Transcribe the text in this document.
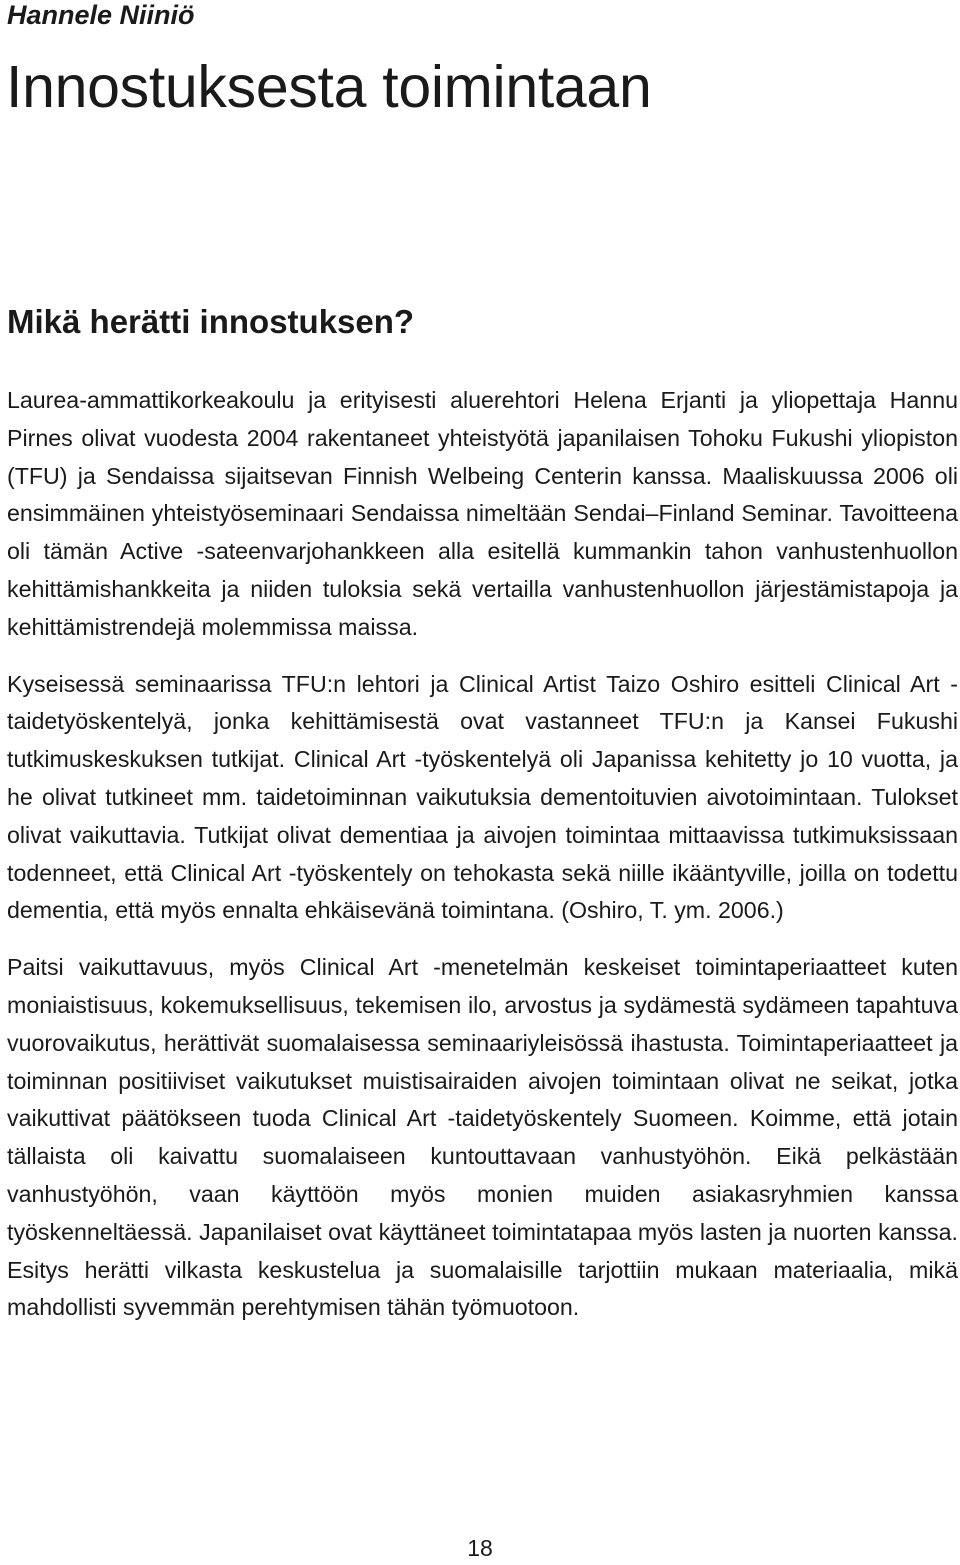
Hannele Niiniö

Innostuksesta toimintaan
Mikä herätti innostuksen?

Laurea-ammattikorkeakoulu ja erityisesti aluerehtori Helena Erjanti ja yliopettaja Hannu Pirnes olivat vuodesta 2004 rakentaneet yhteistyötä japanilaisen Tohoku Fukushi yliopiston (TFU) ja Sendaissa sijaitsevan Finnish Welbeing Centerin kanssa. Maaliskuussa 2006 oli ensimmäinen yhteistyöseminaari Sendaissa nimeltään Sendai–Finland Seminar. Tavoitteena oli tämän Active -sateenvarjohankkeen alla esitellä kummankin tahon vanhustenhuollon kehittämishankkeita ja niiden tuloksia sekä vertailla vanhustenhuollon järjestämistapoja ja kehittämistrendejä molemmissa maissa.

Kyseisessä seminaarissa TFU:n lehtori ja Clinical Artist Taizo Oshiro esitteli Clinical Art -taidetyöskentelyä, jonka kehittämisestä ovat vastanneet TFU:n ja Kansei Fukushi tutkimuskeskuksen tutkijat. Clinical Art -työskentelyä oli Japanissa kehitetty jo 10 vuotta, ja he olivat tutkineet mm. taidetoiminnan vaikutuksia dementoituvien aivotoimintaan. Tulokset olivat vaikuttavia. Tutkijat olivat dementiaa ja aivojen toimintaa mittaavissa tutkimuksissaan todenneet, että Clinical Art -työskentely on tehokasta sekä niille ikääntyville, joilla on todettu dementia, että myös ennalta ehkäisevänä toimintana. (Oshiro, T. ym. 2006.)

Paitsi vaikuttavuus, myös Clinical Art -menetelmän keskeiset toimintaperiaatteet kuten moniaistisuus, kokemuksellisuus, tekemisen ilo, arvostus ja sydämestä sydämeen tapahtuva vuorovaikutus, herättivät suomalaisessa seminaariyleisössä ihastusta. Toimintaperiaatteet ja toiminnan positiiviset vaikutukset muistisairaiden aivojen toimintaan olivat ne seikat, jotka vaikuttivat päätökseen tuoda Clinical Art -taidetyöskentely Suomeen. Koimme, että jotain tällaista oli kaivattu suomalaiseen kuntouttavaan vanhustyöhön. Eikä pelkästään vanhustyöhön, vaan käyttöön myös monien muiden asiakasryhmien kanssa työskenneltäessä. Japanilaiset ovat käyttäneet toimintatapaa myös lasten ja nuorten kanssa. Esitys herätti vilkasta keskustelua ja suomalaisille tarjottiin mukaan materiaalia, mikä mahdollisti syvemmän perehtymisen tähän työmuotoon.

18
